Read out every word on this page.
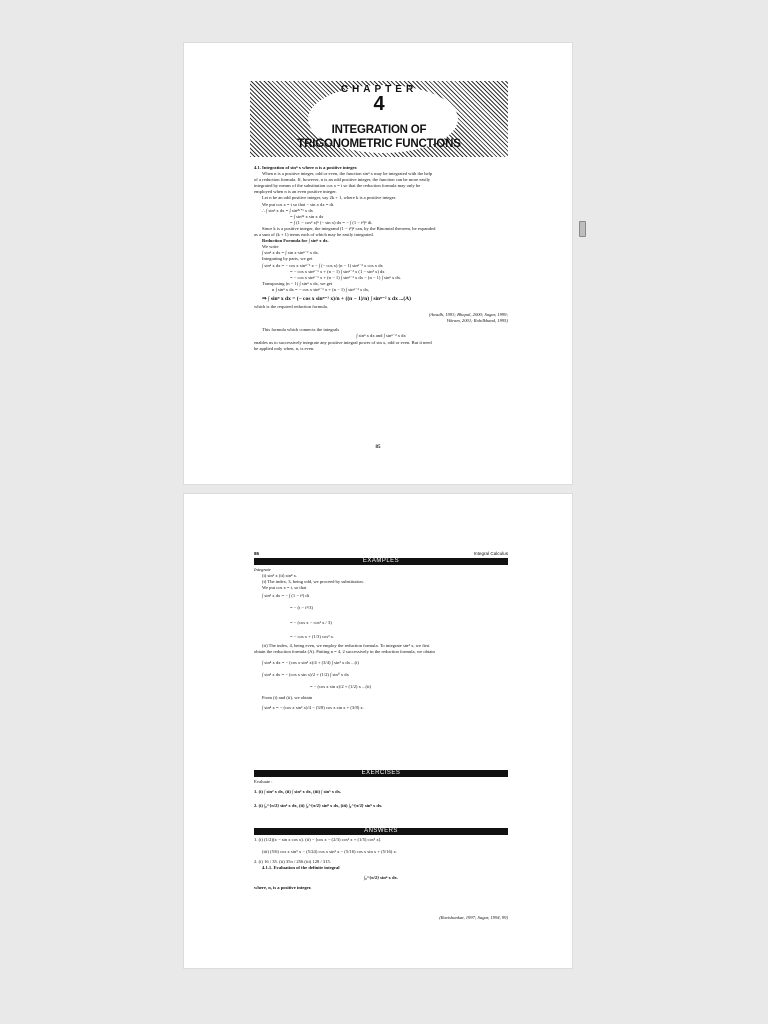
CHAPTER
4
INTEGRATION OF
TRIGONOMETRIC FUNCTIONS

4.1. Integration of sinⁿ x where n is a positive integer.

When n is a positive integer, odd or even, the function sinⁿ x may be integrated with the help

of a reduction formula. If, however, n is an odd positive integer, the function can be more easily

integrated by means of the substitution cos x = t so that the reduction formula may only be

employed when n is an even positive integer.

Let n be an odd positive integer, say 2k + 1, where k is a positive integer.

We put cos x = t so that − sin x dx = dt.

∴ ∫ sinⁿ x dx = ∫ sin²ᵏ⁺¹ x dx

= ∫ sin²ᵏ x sin x dx

= ∫ (1 − cos² x)ᵏ (− sin x) dx = − ∫ (1 − t²)ᵏ dt.

Since k is a positive integer, the integrand (1 − t²)ᵏ can, by the Binomial theorem, be expanded

as a sum of (k + 1) terms each of which may be easily integrated.

Reduction Formula for ∫ sinⁿ x dx.

We write

∫ sinⁿ x dx = ∫ sin x·sinⁿ⁻¹ x dx.

Integrating by parts, we get

∫ sinⁿ x dx = − cos x sinⁿ⁻¹ x − ∫ (− cos x) (n − 1) sinⁿ⁻² x cos x dx

= − cos x sinⁿ⁻¹ x + (n − 1) ∫ sinⁿ⁻² x (1 − sin² x) dx

= − cos x sinⁿ⁻¹ x + (n − 1) ∫ sinⁿ⁻² x dx − (n − 1) ∫ sinⁿ x dx.

Transposing (n − 1) ∫ sinⁿ x dx, we get

n ∫ sinⁿ x dx = − cos x sinⁿ⁻¹ x + (n − 1) ∫ sinⁿ⁻² x dx,

⇒ ∫ sinⁿ x dx = (− cos x sinⁿ⁻¹ x)/n + ((n − 1)/n) ∫ sinⁿ⁻² x dx ...(A)

which is the required reduction formula.

(Awadh, 1993; Bhopal, 2000; Sagar, 1999;

Vikram, 2001; Rohilkhand, 1995)

This formula which connects the integrals

∫ sinⁿ x dx and ∫ sinⁿ⁻² x dx

enables us to successively integrate any positive integral power of sin x, odd or even. But it need

be applied only when, n, is even.

85
·
86	Integral Calculus
EXAMPLES

Integrate

(i) sin³ x (ii) sin⁴ x.

(i) The index, 3, being odd, we proceed by substitution.

We put cos x = t, so that

∫ sin³ x dx = − ∫ (1 − t²) dt

= − (t − t³/3)

= − (cos x − cos³ x / 3)

= − cos x + (1/3) cos³ x.

(ii) The index, 4, being even, we employ the reduction formula. To integrate sin⁴ x, we first

obtain the reduction formula (A). Putting n = 4, 2 successively in the reduction formula, we obtain

∫ sin⁴ x dx = − (cos x sin³ x)/4 + (3/4) ∫ sin² x dx ...(i)

∫ sin² x dx = − (cos x sin x)/2 + (1/2) ∫ sin⁰ x dx

= − (cos x sin x)/2 + (1/2) x ...(ii)

From (i) and (ii), we obtain

∫ sin⁴ x = − (cos x sin³ x)/4 − (3/8) cos x sin x + (3/8) x.

EXERCISES

Evaluate :

1. (i) ∫ sin² x dx, (ii) ∫ sin³ x dx, (iii) ∫ sin⁵ x dx.

2. (i) ∫₀^{π/2} sin⁴ x dx, (ii) ∫₀^{π/2} sin⁸ x dx, (iii) ∫₀^{π/2} sin⁹ x dx.

ANSWERS

1. (i) (1/2)(x − sin x cos x). (ii) − [cos x − (2/3) cos³ x + (1/5) cos⁵ x].

(iii) (5/6) cos x sin⁵ x − (5/24) cos x sin³ x − (5/16) cos x sin x + (5/16) x.

2. (i) 16 / 35. (ii) 35π / 256 (iii) 128 / 315.

4.1.1. Evaluation of the definite integral

∫₀^{π/2} sinⁿ x dx.

where, n, is a positive integer.

(Ravishankar, 1997; Sagar, 1994, 99)
·
